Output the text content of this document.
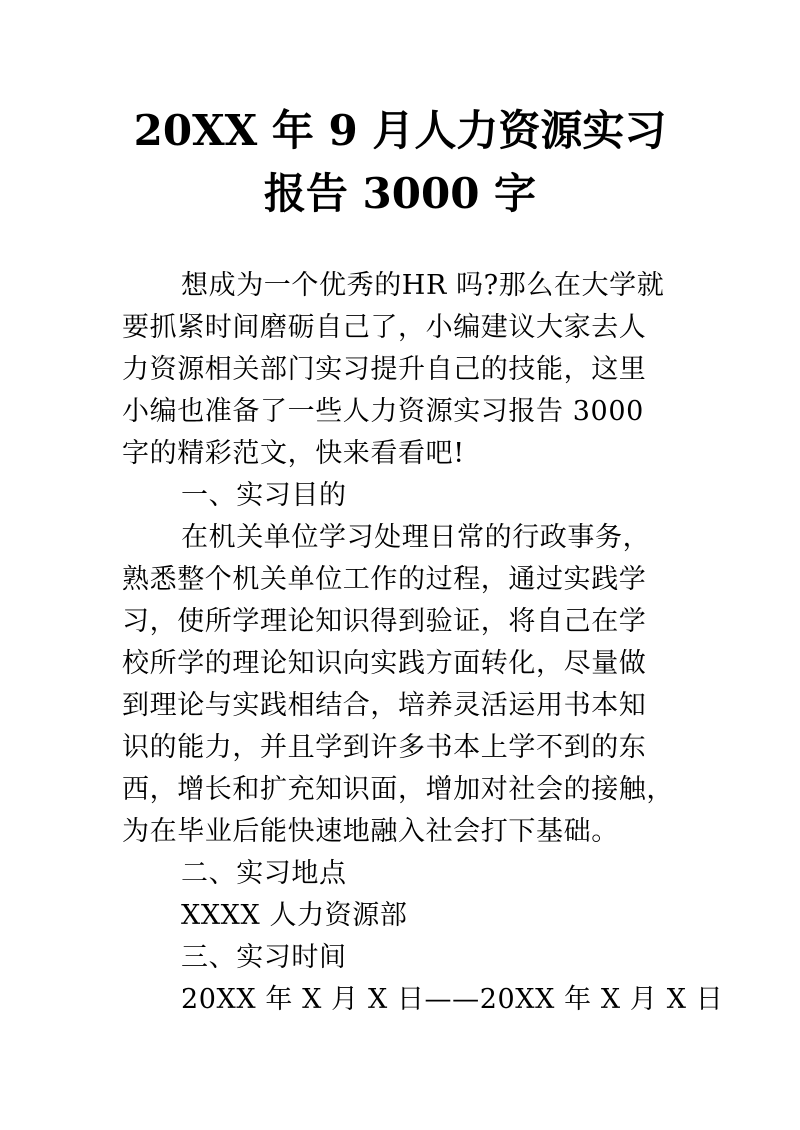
20XX 年 9 月人力资源实习
报告 3000 字
想成为一个优秀的HR 吗?那么在大学就
要抓紧时间磨砺自己了，小编建议大家去人
力资源相关部门实习提升自己的技能，这里
小编也准备了一些人力资源实习报告 3000
字的精彩范文，快来看看吧!
一、实习目的
在机关单位学习处理日常的行政事务，
熟悉整个机关单位工作的过程，通过实践学
习，使所学理论知识得到验证，将自己在学
校所学的理论知识向实践方面转化，尽量做
到理论与实践相结合，培养灵活运用书本知
识的能力，并且学到许多书本上学不到的东
西，增长和扩充知识面，增加对社会的接触，
为在毕业后能快速地融入社会打下基础。
二、实习地点
XXXX 人力资源部
三、实习时间
20XX 年 X 月 X 日——20XX 年 X 月 X 日
